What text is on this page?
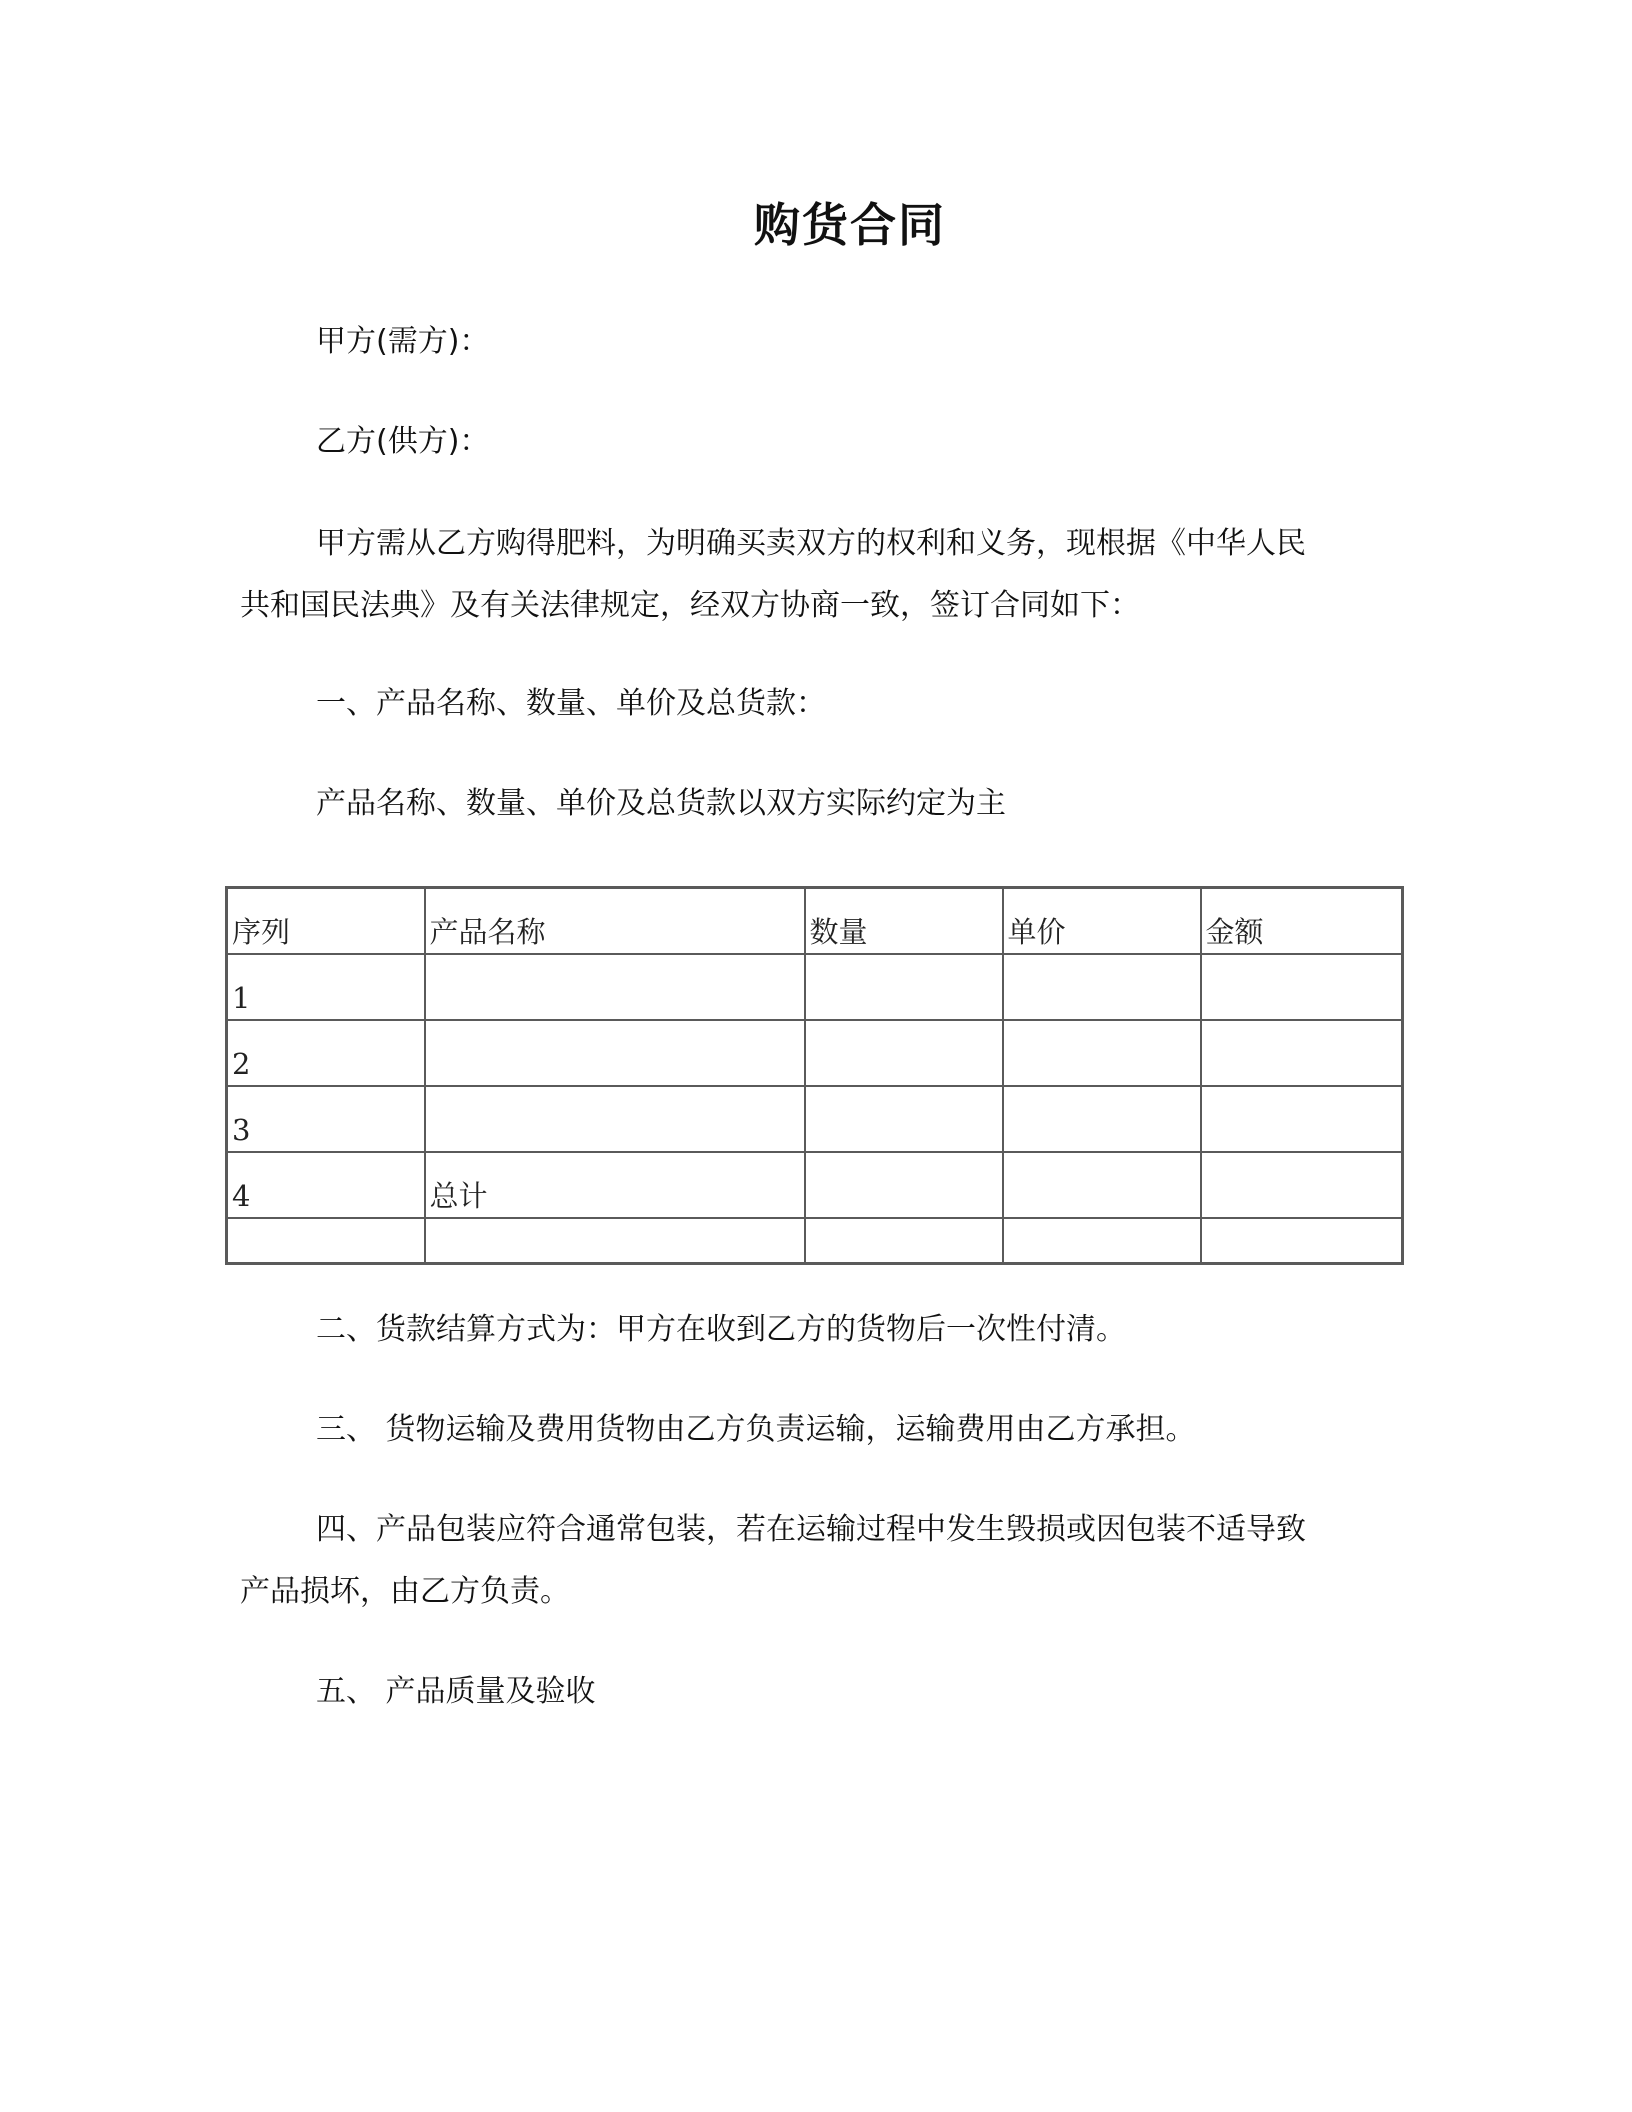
购货合同
甲方(需方)：
乙方(供方)：
甲方需从乙方购得肥料，为明确买卖双方的权利和义务，现根据《中华人民
共和国民法典》及有关法律规定，经双方协商一致，签订合同如下：
一、产品名称、数量、单价及总货款：
产品名称、数量、单价及总货款以双方实际约定为主
序列	产品名称	数量	单价	金额
1				
2				
3				
4	总计			

二、货款结算方式为：甲方在收到乙方的货物后一次性付清。
三、 货物运输及费用货物由乙方负责运输，运输费用由乙方承担。
四、产品包装应符合通常包装，若在运输过程中发生毁损或因包装不适导致
产品损坏，由乙方负责。
五、 产品质量及验收
